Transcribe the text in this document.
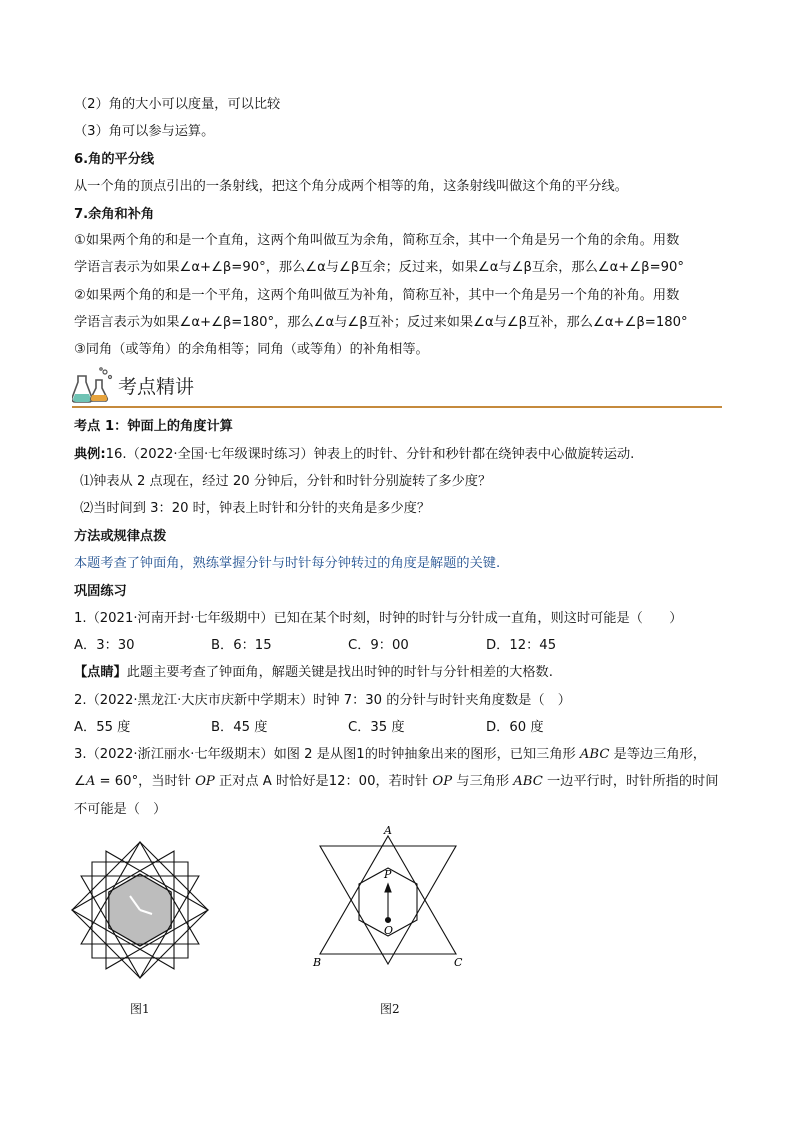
（2）角的大小可以度量，可以比较
（3）角可以参与运算。
6.角的平分线
从一个角的顶点引出的一条射线，把这个角分成两个相等的角，这条射线叫做这个角的平分线。
7.余角和补角
①如果两个角的和是一个直角，这两个角叫做互为余角，简称互余，其中一个角是另一个角的余角。用数
学语言表示为如果∠α+∠β=90°，那么∠α与∠β互余；反过来，如果∠α与∠β互余，那么∠α+∠β=90°
②如果两个角的和是一个平角，这两个角叫做互为补角，简称互补，其中一个角是另一个角的补角。用数
学语言表示为如果∠α+∠β=180°，那么∠α与∠β互补；反过来如果∠α与∠β互补，那么∠α+∠β=180°
③同角（或等角）的余角相等；同角（或等角）的补角相等。
考点精讲
考点 1：钟面上的角度计算
典例:16.（2022·全国·七年级课时练习）钟表上的时针、分针和秒针都在绕钟表中心做旋转运动.
⑴钟表从 2 点现在，经过 20 分钟后，分针和时针分别旋转了多少度？
⑵当时间到 3：20 时，钟表上时针和分针的夹角是多少度？
方法或规律点拨
本题考查了钟面角，熟练掌握分针与时针每分钟转过的角度是解题的关键.
巩固练习
1.（2021·河南开封·七年级期中）已知在某个时刻，时钟的时针与分针成一直角，则这时可能是（　　）
A．3：30	B．6：15	C．9：00	D．12：45
【点睛】此题主要考查了钟面角，解题关键是找出时钟的时针与分针相差的大格数.
2.（2022·黑龙江·大庆市庆新中学期末）时钟 7：30 的分针与时针夹角度数是（　）
A．55 度	B．45 度	C．35 度	D．60 度
3.（2022·浙江丽水·七年级期末）如图 2 是从图1的时钟抽象出来的图形，已知三角形 ABC 是等边三角形，
∠A = 60°，当时针 OP 正对点 A 时恰好是12：00，若时针 OP 与三角形 ABC 一边平行时，时针所指的时间
不可能是（　）
图1
A
B	C
P
O
图2
